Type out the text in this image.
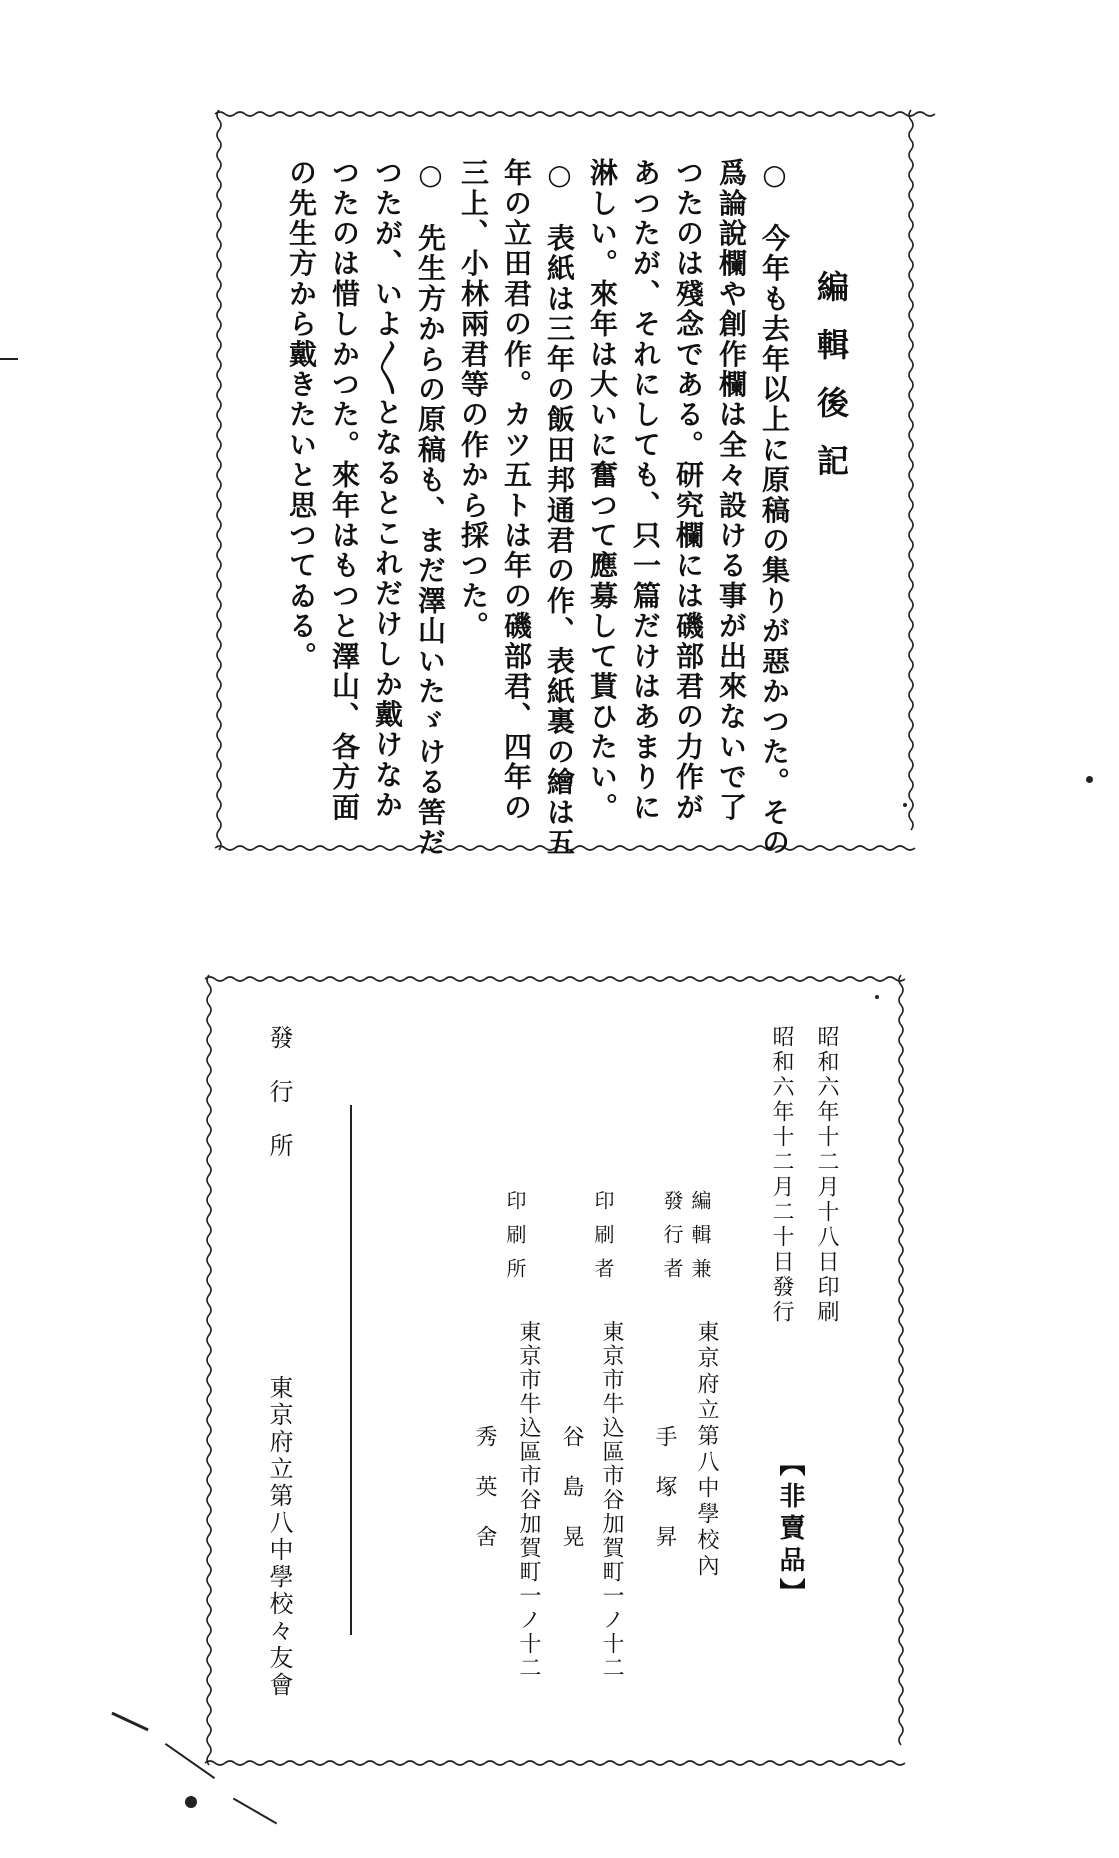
編輯後記
○　今年も去年以上に原稿の集りが惡かつた。その
爲論說欄や創作欄は全々設ける事が出來ないで了
つたのは殘念である。研究欄には磯部君の力作が
あつたが、それにしても、只一篇だけはあまりに
淋しい。來年は大いに奮つて應募して貰ひたい。
○　表紙は三年の飯田邦通君の作、表紙裏の繪は五
年の立田君の作。カツ五トは年の磯部君、四年の
三上、小林兩君等の作から採つた。
○　先生方からの原稿も、まだ澤山いたゞける筈だ
つたが、いよ〳〵となるとこれだけしか戴けなか
つたのは惜しかつた。來年はもつと澤山、各方面
の先生方から戴きたいと思つてゐる。
昭和六年十二月十八日印刷
昭和六年十二月二十日發行
【非賣品】
編輯兼
發行者
東京府立第八中學校內
手塚昇
印刷者
東京市牛込區市谷加賀町一ノ十二
谷島晃
印刷所
東京市牛込區市谷加賀町一ノ十二
秀英舍
發行所
東京府立第八中學校々友會
